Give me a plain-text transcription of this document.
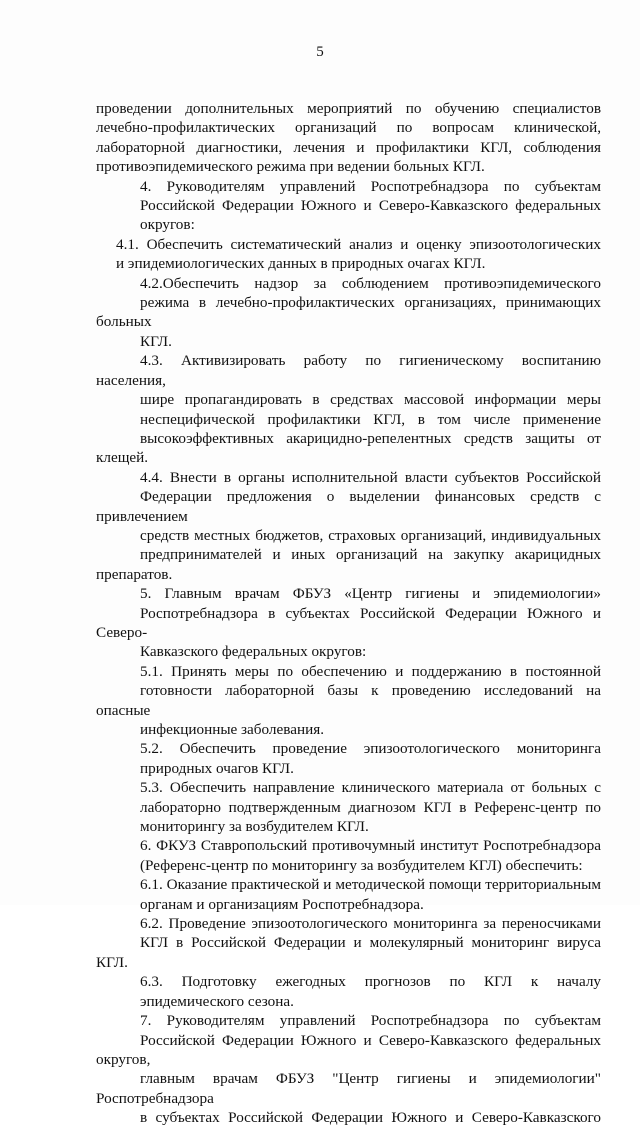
5

проведении дополнительных мероприятий по обучению специалистов
лечебно-профилактических организаций по вопросам клинической,
лабораторной диагностики, лечения и профилактики КГЛ, соблюдения
противоэпидемического режима при ведении больных КГЛ.

4. Руководителям управлений Роспотребнадзора по субъектам
Российской Федерации Южного и Северо-Кавказского федеральных
округов:

4.1. Обеспечить систематический анализ и оценку эпизоотологических
и эпидемиологических данных в природных очагах КГЛ.

4.2.Обеспечить надзор за соблюдением противоэпидемического
режима в лечебно-профилактических организациях, принимающих больных
КГЛ.

4.3. Активизировать работу по гигиеническому воспитанию населения,
шире пропагандировать в средствах массовой информации меры
неспецифической профилактики КГЛ, в том числе применение
высокоэффективных акарицидно-репелентных средств защиты от клещей.

4.4. Внести в органы исполнительной власти субъектов Российской
Федерации предложения о выделении финансовых средств с привлечением
средств местных бюджетов, страховых организаций, индивидуальных
предпринимателей и иных организаций на закупку акарицидных препаратов.

5. Главным врачам ФБУЗ «Центр гигиены и эпидемиологии»
Роспотребнадзора в субъектах Российской Федерации Южного и Северо-
Кавказского федеральных округов:

5.1. Принять меры по обеспечению и поддержанию в постоянной
готовности лабораторной базы к проведению исследований на опасные
инфекционные заболевания.

5.2. Обеспечить проведение эпизоотологического мониторинга
природных очагов КГЛ.

5.3. Обеспечить направление клинического материала от больных с
лабораторно подтвержденным диагнозом КГЛ в Референс-центр по
мониторингу за возбудителем КГЛ.

6. ФКУЗ Ставропольский противочумный институт Роспотребнадзора
(Референс-центр по мониторингу за возбудителем КГЛ) обеспечить:

6.1. Оказание практической и методической помощи территориальным
органам и организациям Роспотребнадзора.

6.2. Проведение эпизоотологического мониторинга за переносчиками
КГЛ в Российской Федерации и молекулярный мониторинг вируса КГЛ.

6.3. Подготовку ежегодных прогнозов по КГЛ к началу
эпидемического сезона.

7. Руководителям управлений Роспотребнадзора по субъектам
Российской Федерации Южного и Северо-Кавказского федеральных округов,
главным врачам ФБУЗ "Центр гигиены и эпидемиологии" Роспотребнадзора
в субъектах Российской Федерации Южного и Северо-Кавказского
